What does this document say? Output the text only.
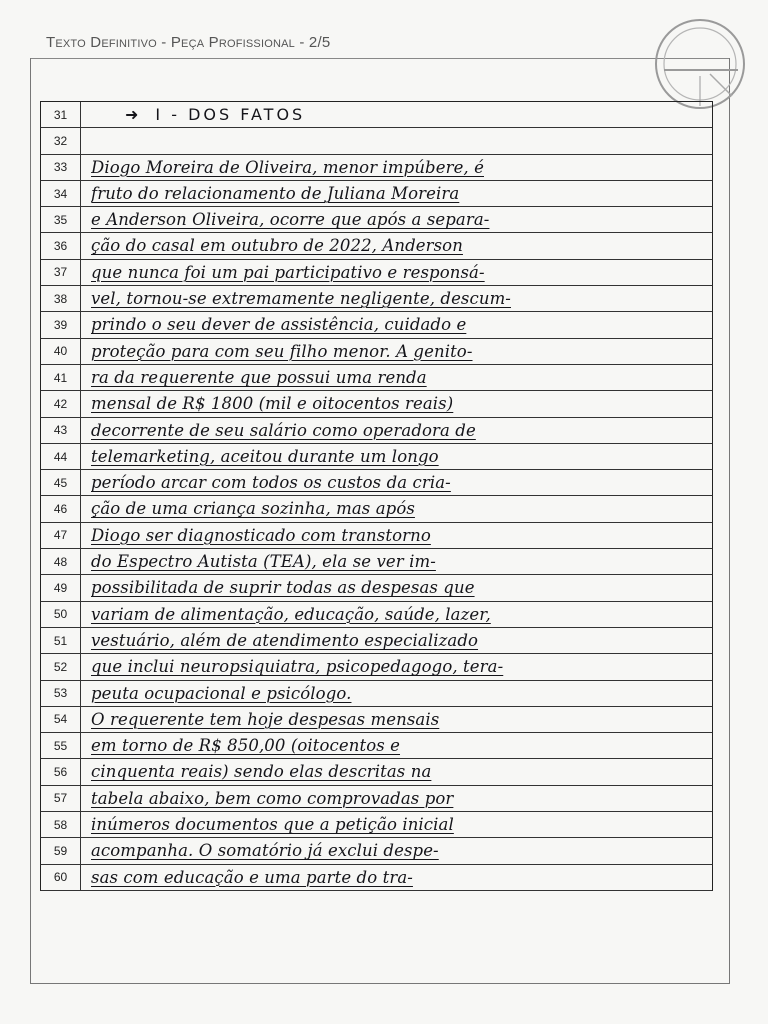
Texto Definitivo - Peça Profissional - 2/5
31	➜ I - DOS FATOS
32
33	Diogo Moreira de Oliveira, menor impúbere, é
34	fruto do relacionamento de Juliana Moreira
35	e Anderson Oliveira, ocorre que após a separa-
36	ção do casal em outubro de 2022, Anderson
37	que nunca foi um pai participativo e responsá-
38	vel, tornou-se extremamente negligente, descum-
39	prindo o seu dever de assistência, cuidado e
40	proteção para com seu filho menor. A genito-
41	ra da requerente que possui uma renda
42	mensal de R$ 1800 (mil e oitocentos reais)
43	decorrente de seu salário como operadora de
44	telemarketing, aceitou durante um longo
45	período arcar com todos os custos da cria-
46	ção de uma criança sozinha, mas após
47	Diogo ser diagnosticado com transtorno
48	do Espectro Autista (TEA), ela se ver im-
49	possibilitada de suprir todas as despesas que
50	variam de alimentação, educação, saúde, lazer,
51	vestuário, além de atendimento especializado
52	que inclui neuropsiquiatra, psicopedagogo, tera-
53	peuta ocupacional e psicólogo.
54	O requerente tem hoje despesas mensais
55	em torno de R$ 850,00 (oitocentos e
56	cinquenta reais) sendo elas descritas na
57	tabela abaixo, bem como comprovadas por
58	inúmeros documentos que a petição inicial
59	acompanha. O somatório já exclui despe-
60	sas com educação e uma parte do tra-
